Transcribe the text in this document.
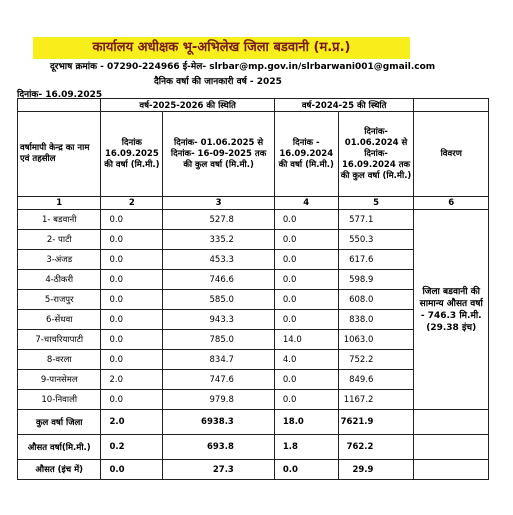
कार्यालय अधीक्षक भू-अभिलेख जिला बडवानी (म.प्र.)
दूरभाष क्रमांक - 07290-224966 ई-मेल- slrbar@mp.gov.in/slrbarwani001@gmail.com
दैनिक वर्षा की जानकारी वर्ष - 2025
दिनांक- 16.09.2025
	वर्ष-2025-2026 की स्थिति		वर्ष-2024-25 की स्थिति		
वर्षामापी केन्द्र का नाम एवं तहसील	दिनांक 16.09.2025 की वर्षा (मि.मी.)	दिनांक- 01.06.2025 से दिनांक- 16-09-2025 तक की कुल वर्षा (मि.मी.)	दिनांक - 16.09.2024 की वर्षा (मि.मी.)	दिनांक- 01.06.2024 से दिनांक- 16.09.2024 तक की कुल वर्षा (मि.मी.)	विवरण
1	2	3	4	5	6
1- बडवानी	0.0	527.8	0.0	577.1	जिला बडवानी की सामान्य औसत वर्षा - 746.3 मि.मी. (29.38 इंच)
2- पाटी	0.0	335.2	0.0	550.3	
3-अंजड	0.0	453.3	0.0	617.6	
4-ठीकरी	0.0	746.6	0.0	598.9	
5-राजपुर	0.0	585.0	0.0	608.0	
6-सेंधवा	0.0	943.3	0.0	838.0	
7-चाचरियापाटी	0.0	785.0	14.0	1063.0	
8-वरला	0.0	834.7	4.0	752.2	
9-पानसेमल	2.0	747.6	0.0	849.6	
10-निवाली	0.0	979.8	0.0	1167.2	
कुल वर्षा जिला	2.0	6938.3	18.0	7621.9	
औसत वर्षा(मि.मी.)	0.2	693.8	1.8	762.2	
औसत (इंच में)	0.0	27.3	0.0	29.9	
